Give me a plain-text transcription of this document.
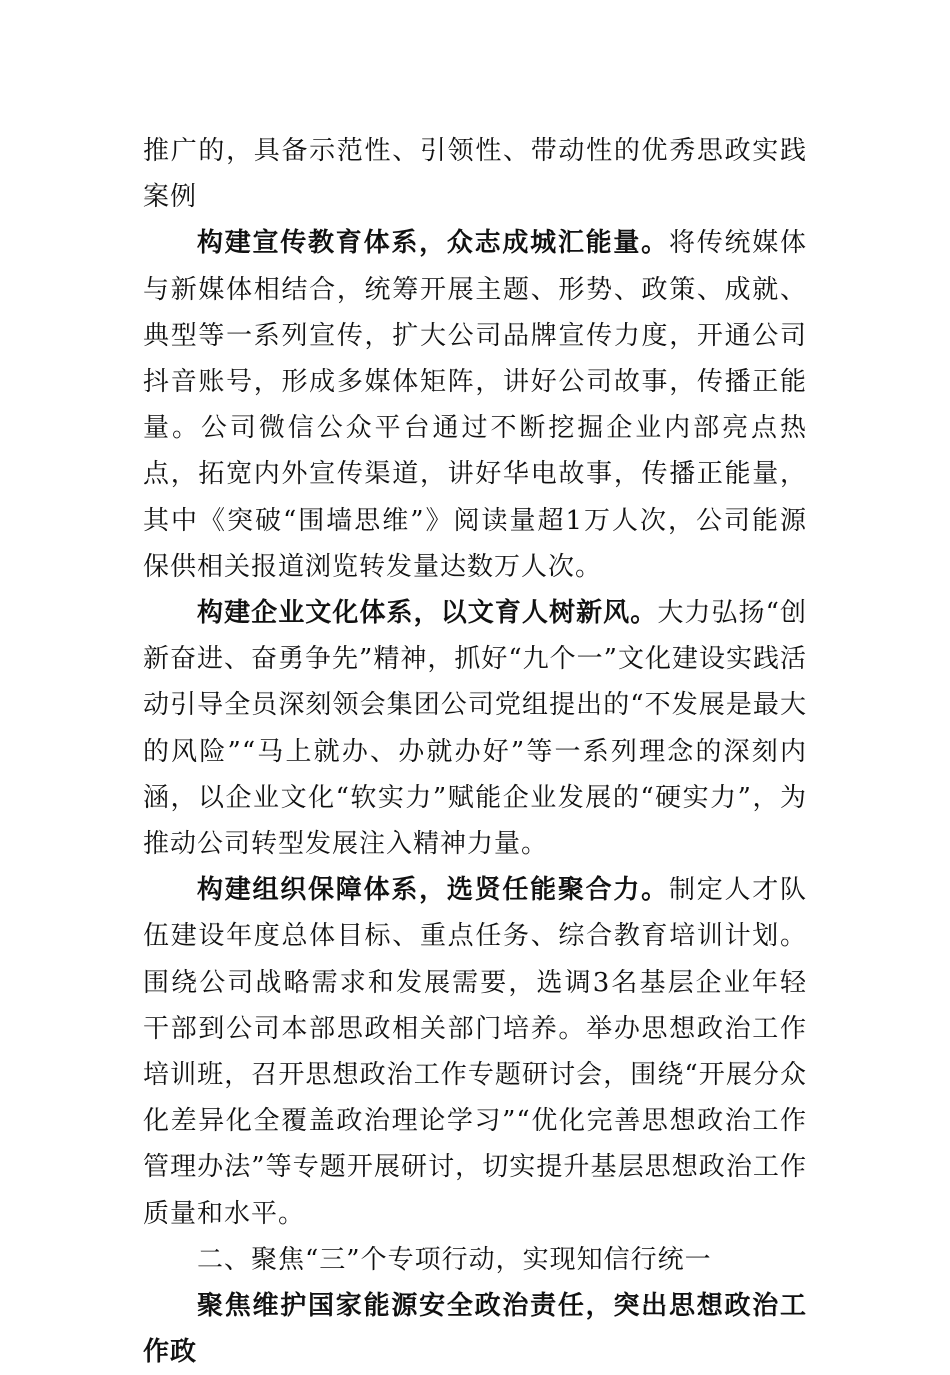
推广的，具备示范性、引领性、带动性的优秀思政实践案例

构建宣传教育体系，众志成城汇能量。将传统媒体与新媒体相结合，统筹开展主题、形势、政策、成就、典型等一系列宣传，扩大公司品牌宣传力度，开通公司抖音账号，形成多媒体矩阵，讲好公司故事，传播正能量。公司微信公众平台通过不断挖掘企业内部亮点热点，拓宽内外宣传渠道，讲好华电故事，传播正能量，其中《突破“围墙思维”》阅读量超1万人次，公司能源保供相关报道浏览转发量达数万人次。

构建企业文化体系，以文育人树新风。大力弘扬“创新奋进、奋勇争先”精神，抓好“九个一”文化建设实践活动引导全员深刻领会集团公司党组提出的“不发展是最大的风险”“马上就办、办就办好”等一系列理念的深刻内涵，以企业文化“软实力”赋能企业发展的“硬实力”，为推动公司转型发展注入精神力量。

构建组织保障体系，选贤任能聚合力。制定人才队伍建设年度总体目标、重点任务、综合教育培训计划。围绕公司战略需求和发展需要，选调3名基层企业年轻干部到公司本部思政相关部门培养。举办思想政治工作培训班，召开思想政治工作专题研讨会，围绕“开展分众化差异化全覆盖政治理论学习”“优化完善思想政治工作管理办法”等专题开展研讨，切实提升基层思想政治工作质量和水平。

二、聚焦“三”个专项行动，实现知信行统一

聚焦维护国家能源安全政治责任，突出思想政治工作政
